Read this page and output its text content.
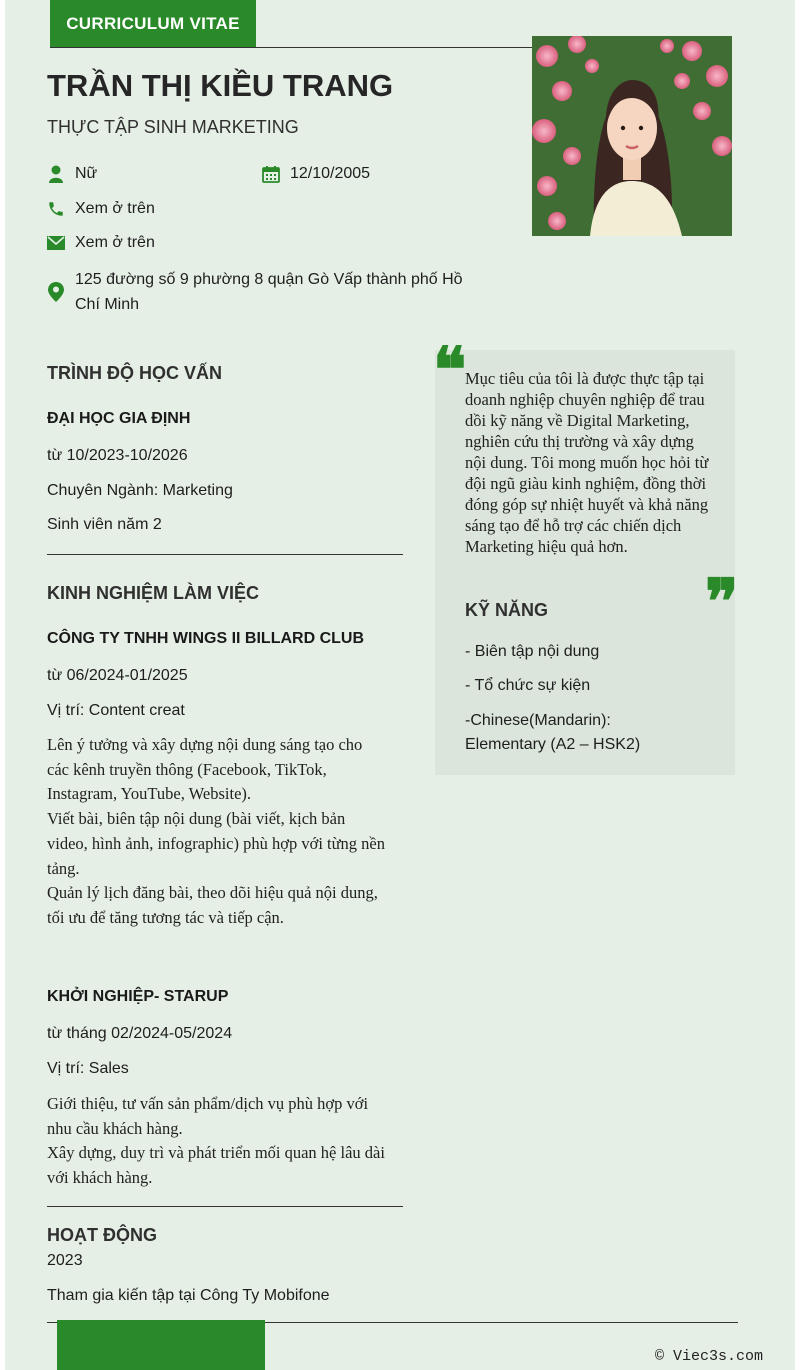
CURRICULUM VITAE
TRẦN THỊ KIỀU TRANG
THỰC TẬP SINH MARKETING
Nữ	12/10/2005
Xem ở trên
Xem ở trên
125 đường số 9 phường 8 quận Gò Vấp thành phố Hồ Chí Minh
TRÌNH ĐỘ HỌC VẤN
ĐẠI HỌC GIA ĐỊNH
từ 10/2023-10/2026
Chuyên Ngành: Marketing
Sinh viên năm 2
KINH NGHIỆM LÀM VIỆC
CÔNG TY TNHH WINGS II BILLARD CLUB
từ 06/2024-01/2025
Vị trí: Content creat
Lên ý tưởng và xây dựng nội dung sáng tạo cho các kênh truyền thông (Facebook, TikTok, Instagram, YouTube, Website).
Viết bài, biên tập nội dung (bài viết, kịch bản video, hình ảnh, infographic) phù hợp với từng nền tảng.
Quản lý lịch đăng bài, theo dõi hiệu quả nội dung, tối ưu để tăng tương tác và tiếp cận.
KHỞI NGHIỆP- STARUP
từ tháng 02/2024-05/2024
Vị trí: Sales
Giới thiệu, tư vấn sản phẩm/dịch vụ phù hợp với nhu cầu khách hàng.
Xây dựng, duy trì và phát triển mối quan hệ lâu dài với khách hàng.
HOẠT ĐỘNG
2023
Tham gia kiến tập tại Công Ty Mobifone
❝
❞
Mục tiêu của tôi là được thực tập tại doanh nghiệp chuyên nghiệp để trau dồi kỹ năng về Digital Marketing, nghiên cứu thị trường và xây dựng nội dung. Tôi mong muốn học hỏi từ đội ngũ giàu kinh nghiệm, đồng thời đóng góp sự nhiệt huyết và khả năng sáng tạo để hỗ trợ các chiến dịch Marketing hiệu quả hơn.
KỸ NĂNG
- Biên tập nội dung
- Tổ chức sự kiện
-Chinese(Mandarin): Elementary (A2 – HSK2)
© Viec3s.com
